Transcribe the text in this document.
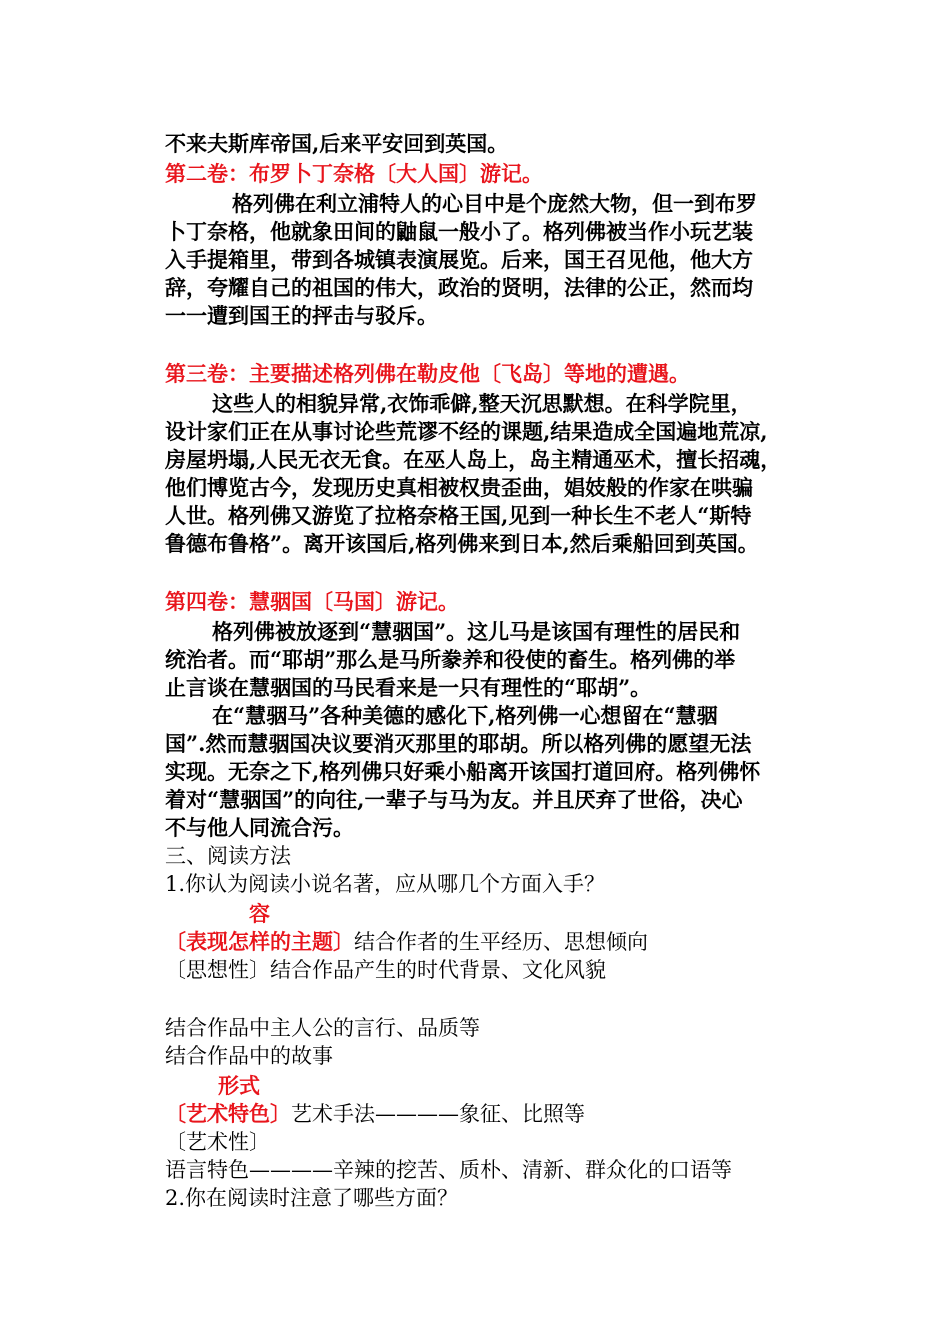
不来夫斯库帝国,后来平安回到英国。
第二卷：布罗卜丁奈格〔大人国〕游记。
格列佛在利立浦特人的心目中是个庞然大物，但一到布罗
卜丁奈格，他就象田间的鼬鼠一般小了。格列佛被当作小玩艺装
入手提箱里，带到各城镇表演展览。后来，国王召见他，他大方
辞，夸耀自己的祖国的伟大，政治的贤明，法律的公正，然而均
一一遭到国王的抨击与驳斥。
第三卷：主要描述格列佛在勒皮他〔飞岛〕等地的遭遇。
这些人的相貌异常,衣饰乖僻,整天沉思默想。在科学院里，
设计家们正在从事讨论些荒谬不经的课题,结果造成全国遍地荒凉,
房屋坍塌,人民无衣无食。在巫人岛上，岛主精通巫术，擅长招魂，
他们博览古今，发现历史真相被权贵歪曲，娼妓般的作家在哄骗
人世。格列佛又游览了拉格奈格王国,见到一种长生不老人“斯特
鲁德布鲁格”。离开该国后,格列佛来到日本,然后乘船回到英国。
第四卷：慧骃国〔马国〕游记。
格列佛被放逐到“慧骃国”。这儿马是该国有理性的居民和
统治者。而“耶胡”那么是马所豢养和役使的畜生。格列佛的举
止言谈在慧骃国的马民看来是一只有理性的“耶胡”。
在“慧骃马”各种美德的感化下,格列佛一心想留在“慧骃
国”.然而慧骃国决议要消灭那里的耶胡。所以格列佛的愿望无法
实现。无奈之下,格列佛只好乘小船离开该国打道回府。格列佛怀
着对“慧骃国”的向往,一辈子与马为友。并且厌弃了世俗，决心
不与他人同流合污。
三、阅读方法
1.你认为阅读小说名著，应从哪几个方面入手？
容
〔表现怎样的主题〕结合作者的生平经历、思想倾向
〔思想性〕结合作品产生的时代背景、文化风貌
结合作品中主人公的言行、品质等
结合作品中的故事
形式
〔艺术特色〕艺术手法————象征、比照等
〔艺术性〕
语言特色————辛辣的挖苦、质朴、清新、群众化的口语等
2.你在阅读时注意了哪些方面？
